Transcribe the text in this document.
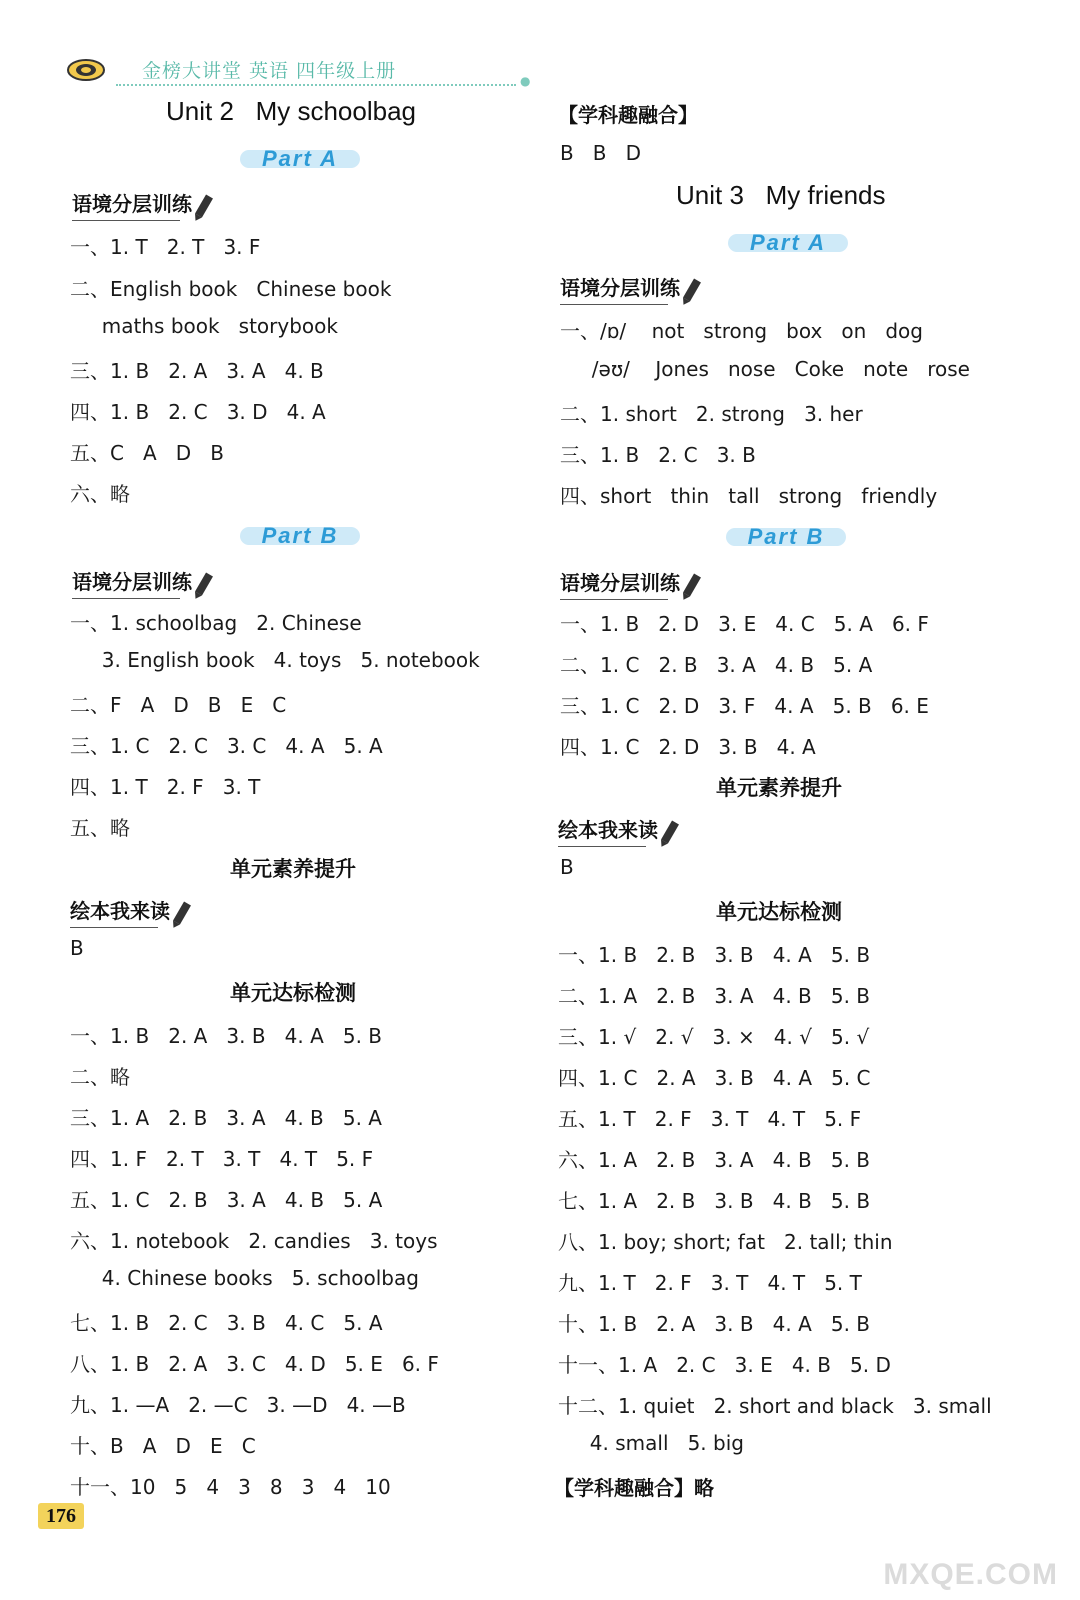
金榜大讲堂 英语 四年级上册	●
Unit 2   My schoolbag
Part A
语境分层训练
一、1. T   2. T   3. F
二、English book   Chinese book
maths book   storybook
三、1. B   2. A   3. A   4. B
四、1. B   2. C   3. D   4. A
五、C   A   D   B
六、略
Part B
语境分层训练
一、1. schoolbag   2. Chinese
3. English book   4. toys   5. notebook
二、F   A   D   B   E   C
三、1. C   2. C   3. C   4. A   5. A
四、1. T   2. F   3. T
五、略
单元素养提升
绘本我来读
B
单元达标检测
一、1. B   2. A   3. B   4. A   5. B
二、略
三、1. A   2. B   3. A   4. B   5. A
四、1. F   2. T   3. T   4. T   5. F
五、1. C   2. B   3. A   4. B   5. A
六、1. notebook   2. candies   3. toys
4. Chinese books   5. schoolbag
七、1. B   2. C   3. B   4. C   5. A
八、1. B   2. A   3. C   4. D   5. E   6. F
九、1. —A   2. —C   3. —D   4. —B
十、B   A   D   E   C
十一、10   5   4   3   8   3   4   10
【学科趣融合】
B   B   D
Unit 3   My friends
Part A
语境分层训练
一、/ɒ/    not   strong   box   on   dog
/əʊ/    Jones   nose   Coke   note   rose
二、1. short   2. strong   3. her
三、1. B   2. C   3. B
四、short   thin   tall   strong   friendly
Part B
语境分层训练
一、1. B   2. D   3. E   4. C   5. A   6. F
二、1. C   2. B   3. A   4. B   5. A
三、1. C   2. D   3. F   4. A   5. B   6. E
四、1. C   2. D   3. B   4. A
单元素养提升
绘本我来读
B
单元达标检测
一、1. B   2. B   3. B   4. A   5. B
二、1. A   2. B   3. A   4. B   5. B
三、1. √   2. √   3. ×   4. √   5. √
四、1. C   2. A   3. B   4. A   5. C
五、1. T   2. F   3. T   4. T   5. F
六、1. A   2. B   3. A   4. B   5. B
七、1. A   2. B   3. B   4. B   5. B
八、1. boy; short; fat   2. tall; thin
九、1. T   2. F   3. T   4. T   5. T
十、1. B   2. A   3. B   4. A   5. B
十一、1. A   2. C   3. E   4. B   5. D
十二、1. quiet   2. short and black   3. small
4. small   5. big
【学科趣融合】略
176
MXQE.COM
